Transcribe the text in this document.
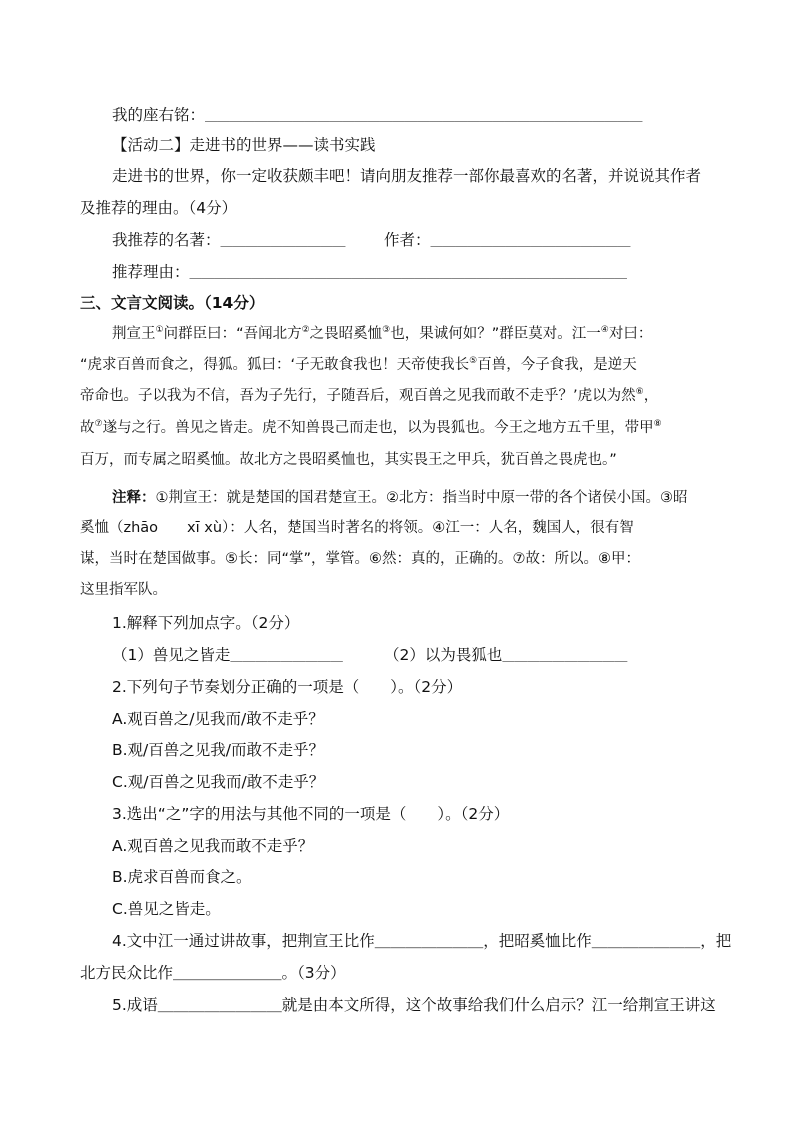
我的座右铭：＿＿＿＿＿＿＿＿＿＿＿＿＿＿＿＿＿＿＿＿＿＿＿＿＿＿＿＿＿＿＿＿＿＿＿
【活动二】走进书的世界——读书实践
走进书的世界，你一定收获颇丰吧！请向朋友推荐一部你最喜欢的名著，并说说其作者
及推荐的理由。（4分）
我推荐的名著：＿＿＿＿＿＿＿＿＿＿ 作者：＿＿＿＿＿＿＿＿＿＿＿＿＿＿＿＿
推荐理由：＿＿＿＿＿＿＿＿＿＿＿＿＿＿＿＿＿＿＿＿＿＿＿＿＿＿＿＿＿＿＿＿＿＿＿
三、文言文阅读。（14分）
荆宣王①问群臣曰：“吾闻北方②之畏昭奚恤③也，果诚何如？”群臣莫对。江一④对曰：
“虎求百兽而食之，得狐。狐曰：‘子无敢食我也！天帝使我长⑤百兽，今子食我，是逆天
帝命也。子以我为不信，吾为子先行，子随吾后，观百兽之见我而敢不走乎？’虎以为然⑥，
故⑦遂与之行。兽见之皆走。虎不知兽畏己而走也，以为畏狐也。今王之地方五千里，带甲⑧
百万，而专属之昭奚恤。故北方之畏昭奚恤也，其实畏王之甲兵，犹百兽之畏虎也。”
注释：①荆宣王：就是楚国的国君楚宣王。②北方：指当时中原一带的各个诸侯小国。③昭
奚恤（zhāo　　xī xù）：人名，楚国当时著名的将领。④江一：人名，魏国人，很有智
谋，当时在楚国做事。⑤长：同“掌”，掌管。⑥然：真的，正确的。⑦故：所以。⑧甲：
这里指军队。
1.解释下列加点字。（2分）
（1）兽见之皆走＿＿＿＿＿＿＿＿＿	（2）以为畏狐也＿＿＿＿＿＿＿＿＿＿
2.下列句子节奏划分正确的一项是（　　）。（2分）
A.观百兽之/见我而/敢不走乎？
B.观/百兽之见我/而敢不走乎？
C.观/百兽之见我而/敢不走乎？
3.选出“之”字的用法与其他不同的一项是（　　）。（2分）
A.观百兽之见我而敢不走乎？
B.虎求百兽而食之。
C.兽见之皆走。
4.文中江一通过讲故事，把荆宣王比作＿＿＿＿＿＿＿，把昭奚恤比作＿＿＿＿＿＿＿，把
北方民众比作＿＿＿＿＿＿＿。（3分）
5.成语＿＿＿＿＿＿＿＿就是由本文所得，这个故事给我们什么启示？江一给荆宣王讲这
